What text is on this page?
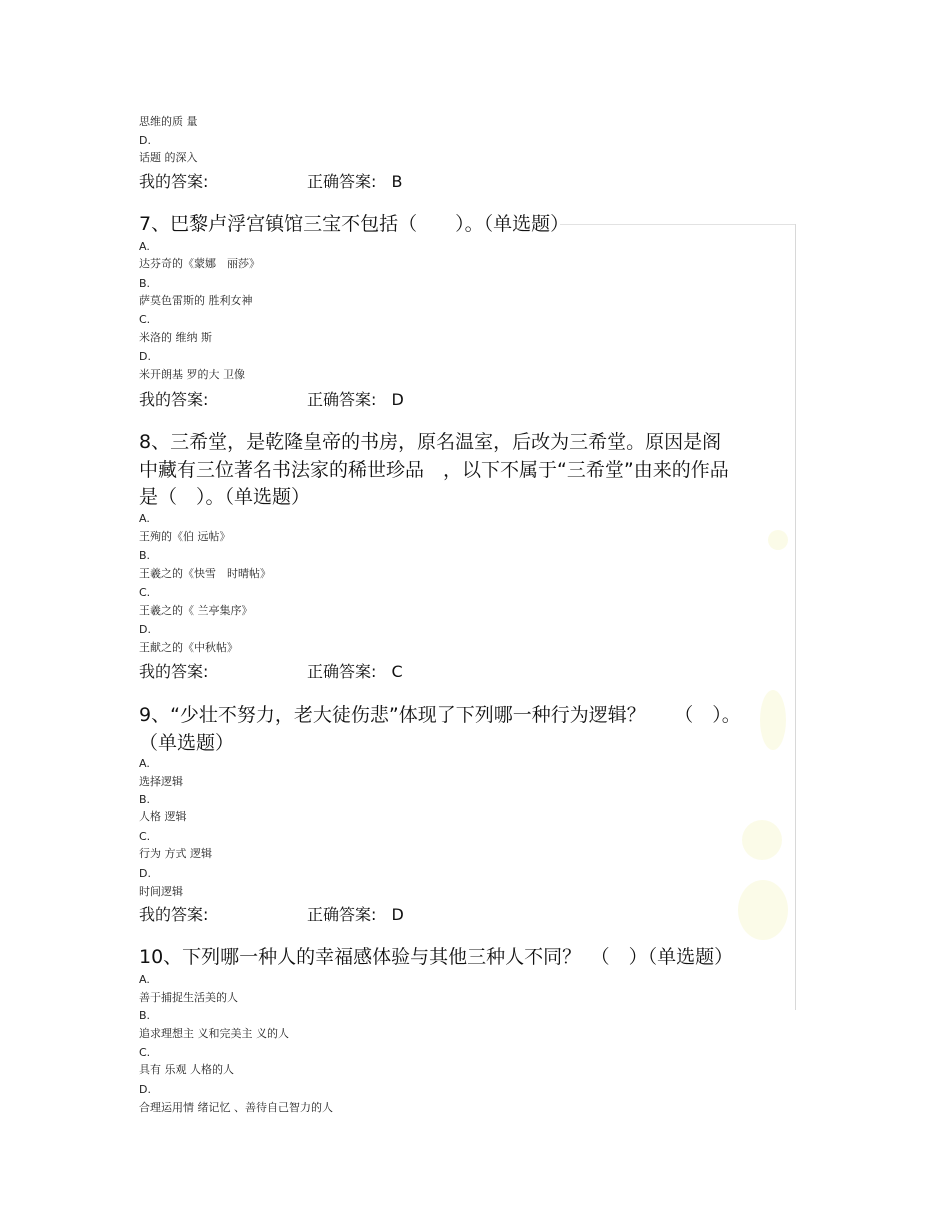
思维的质 量
D.
话题 的深入
我的答案:	正确答案: B
7、巴黎卢浮宫镇馆三宝不包括（　　）。（单选题）
A.
达芬奇的《蒙娜　丽莎》
B.
萨莫色雷斯的 胜利女神
C.
米洛的 维纳 斯
D.
米开朗基 罗的大 卫像
我的答案:	正确答案: D
8、三希堂，是乾隆皇帝的书房，原名温室，后改为三希堂。原因是阁
中藏有三位著名书法家的稀世珍品　，以下不属于“三希堂”由来的作品
是（　）。（单选题）
A.
王殉的《伯 远帖》
B.
王羲之的《快雪　时晴帖》
C.
王羲之的《 兰亭集序》
D.
王献之的《中秋帖》
我的答案:	正确答案: C
9、“少壮不努力，老大徒伤悲”体现了下列哪一种行为逻辑？　　（　）。
（单选题）
A.
选择逻辑
B.
人格 逻辑
C.
行为 方式 逻辑
D.
时间逻辑
我的答案:	正确答案: D
10、下列哪一种人的幸福感体验与其他三种人不同？　（　）（单选题）
A.
善于捕捉生活美的人
B.
追求理想主 义和完美主 义的人
C.
具有 乐观 人格的人
D.
合理运用情 绪记忆 、善待自己智力的人
